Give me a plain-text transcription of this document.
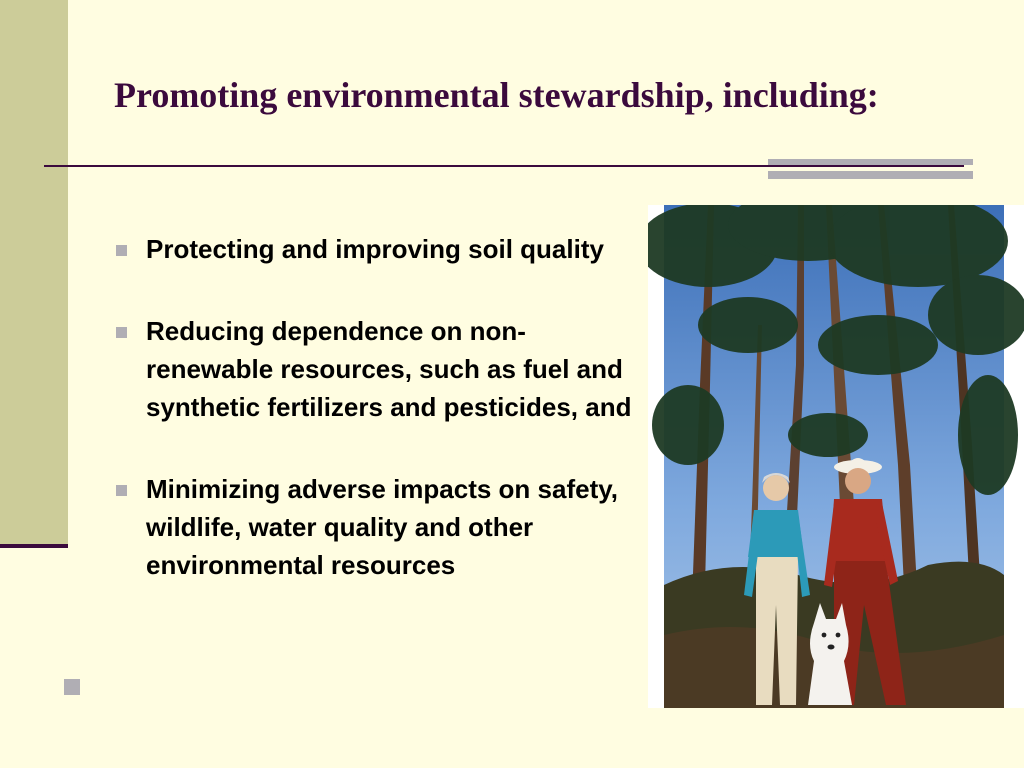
Promoting environmental stewardship, including:
Protecting and improving soil quality
Reducing dependence on non-renewable resources, such as fuel and synthetic fertilizers and pesticides, and
Minimizing adverse impacts on safety, wildlife, water quality and other environmental resources
